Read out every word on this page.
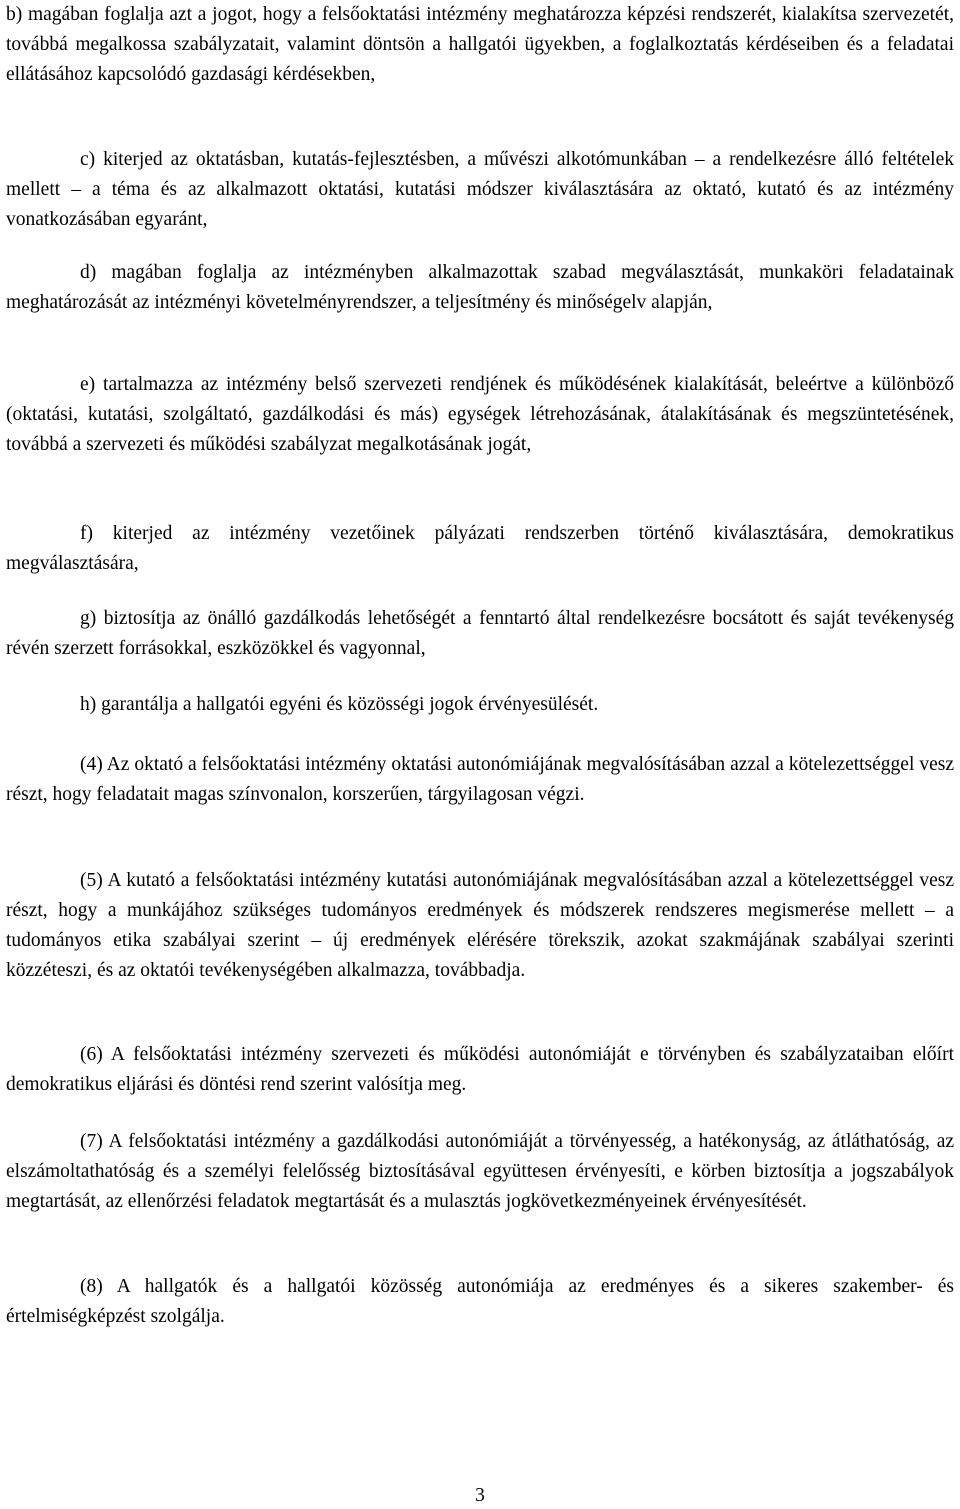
b) magában foglalja azt a jogot, hogy a felsőoktatási intézmény meghatározza képzési rendszerét, kialakítsa szervezetét, továbbá megalkossa szabályzatait, valamint döntsön a hallgatói ügyekben, a foglalkoztatás kérdéseiben és a feladatai ellátásához kapcsolódó gazdasági kérdésekben,

c) kiterjed az oktatásban, kutatás-fejlesztésben, a művészi alkotómunkában – a rendelkezésre álló feltételek mellett – a téma és az alkalmazott oktatási, kutatási módszer kiválasztására az oktató, kutató és az intézmény vonatkozásában egyaránt,

d) magában foglalja az intézményben alkalmazottak szabad megválasztását, munkaköri feladatainak meghatározását az intézményi követelményrendszer, a teljesítmény és minőségelv alapján,

e) tartalmazza az intézmény belső szervezeti rendjének és működésének kialakítását, beleértve a különböző (oktatási, kutatási, szolgáltató, gazdálkodási és más) egységek létrehozásának, átalakításának és megszüntetésének, továbbá a szervezeti és működési szabályzat megalkotásának jogát,

f) kiterjed az intézmény vezetőinek pályázati rendszerben történő kiválasztására, demokratikus megválasztására,

g) biztosítja az önálló gazdálkodás lehetőségét a fenntartó által rendelkezésre bocsátott és saját tevékenység révén szerzett forrásokkal, eszközökkel és vagyonnal,

h) garantálja a hallgatói egyéni és közösségi jogok érvényesülését.

(4) Az oktató a felsőoktatási intézmény oktatási autonómiájának megvalósításában azzal a kötelezettséggel vesz részt, hogy feladatait magas színvonalon, korszerűen, tárgyilagosan végzi.

(5) A kutató a felsőoktatási intézmény kutatási autonómiájának megvalósításában azzal a kötelezettséggel vesz részt, hogy a munkájához szükséges tudományos eredmények és módszerek rendszeres megismerése mellett – a tudományos etika szabályai szerint – új eredmények elérésére törekszik, azokat szakmájának szabályai szerinti közzéteszi, és az oktatói tevékenységében alkalmazza, továbbadja.

(6) A felsőoktatási intézmény szervezeti és működési autonómiáját e törvényben és szabályzataiban előírt demokratikus eljárási és döntési rend szerint valósítja meg.

(7) A felsőoktatási intézmény a gazdálkodási autonómiáját a törvényesség, a hatékonyság, az átláthatóság, az elszámoltathatóság és a személyi felelősség biztosításával együttesen érvényesíti, e körben biztosítja a jogszabályok megtartását, az ellenőrzési feladatok megtartását és a mulasztás jogkövetkezményeinek érvényesítését.

(8) A hallgatók és a hallgatói közösség autonómiája az eredményes és a sikeres szakember- és értelmiségképzést szolgálja.

3
